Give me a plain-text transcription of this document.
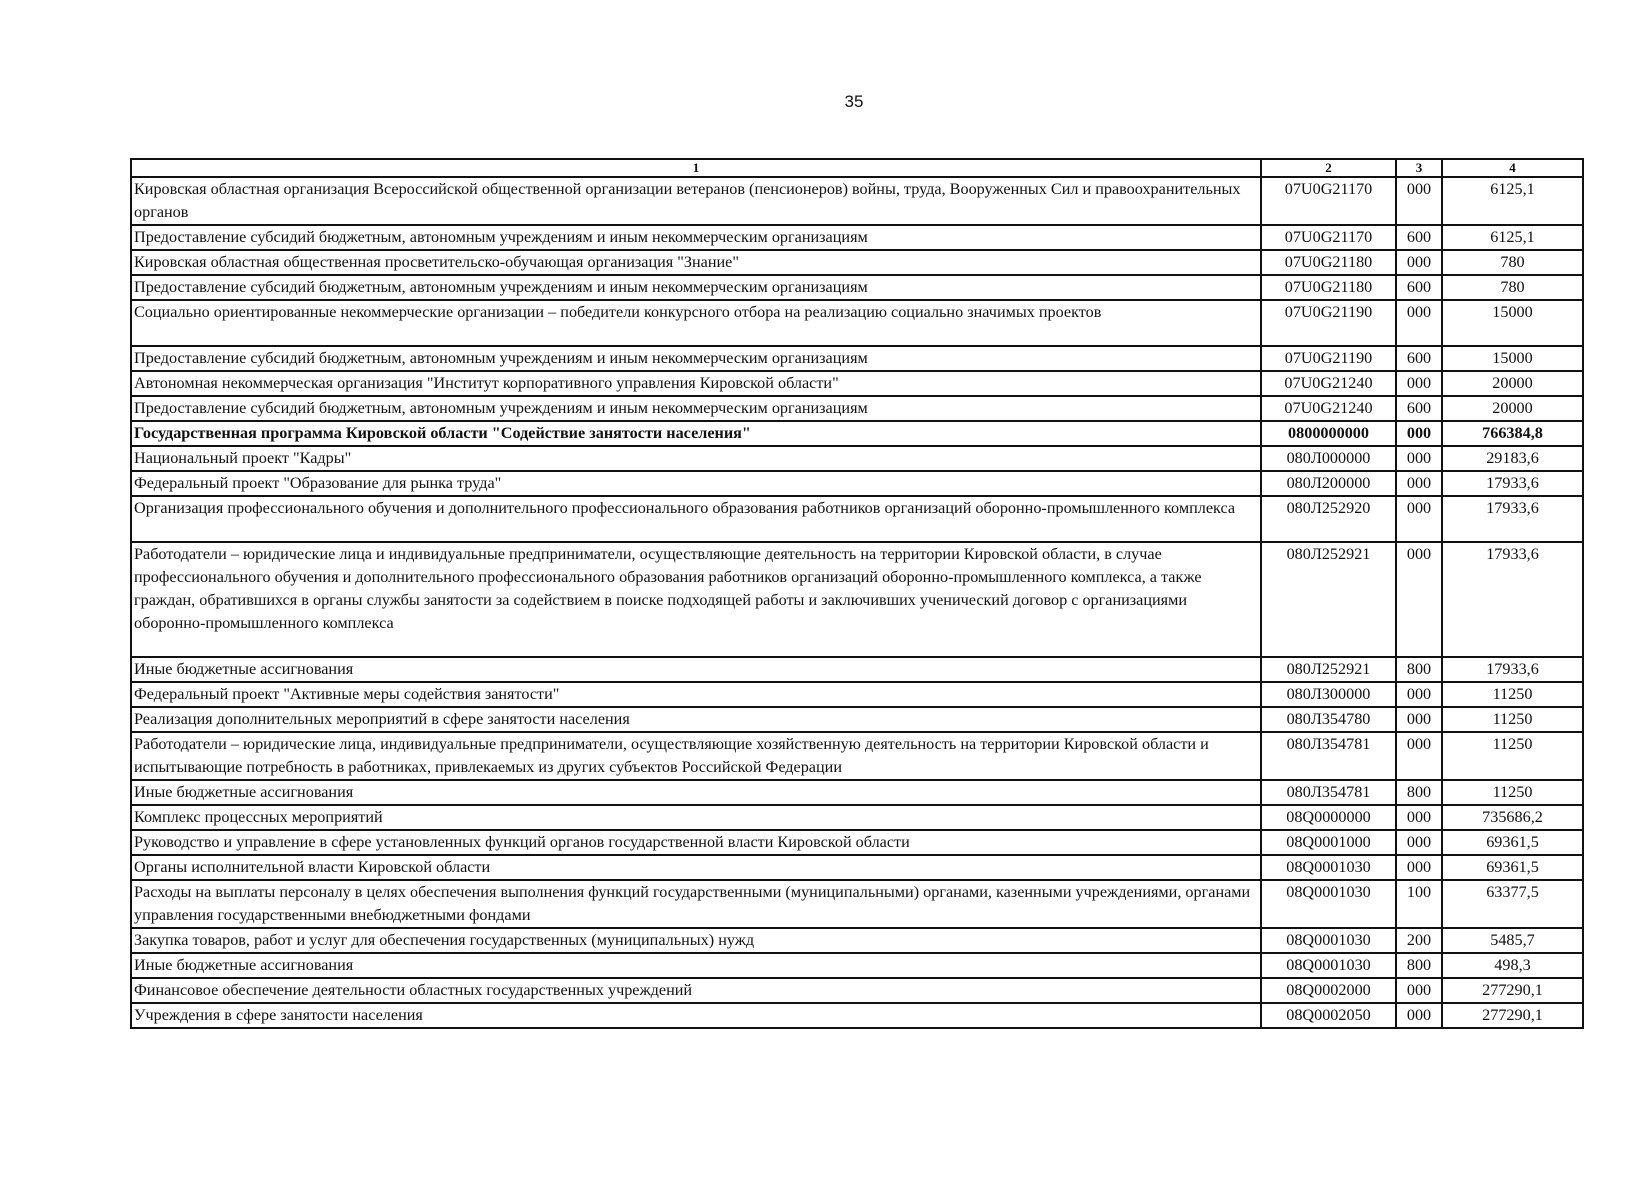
35
1	2	3	4
Кировская областная организация Всероссийской общественной организации ветеранов (пенсионеров) войны, труда, Вооруженных Сил и правоохранительных органов	07U0G21170	000	6125,1
Предоставление субсидий бюджетным, автономным учреждениям и иным некоммерческим организациям	07U0G21170	600	6125,1
Кировская областная общественная просветительско-обучающая организация "Знание"	07U0G21180	000	780
Предоставление субсидий бюджетным, автономным учреждениям и иным некоммерческим организациям	07U0G21180	600	780
Социально ориентированные некоммерческие организации – победители конкурсного отбора на реализацию социально значимых проектов	07U0G21190	000	15000
Предоставление субсидий бюджетным, автономным учреждениям и иным некоммерческим организациям	07U0G21190	600	15000
Автономная некоммерческая организация "Институт корпоративного управления Кировской области"	07U0G21240	000	20000
Предоставление субсидий бюджетным, автономным учреждениям и иным некоммерческим организациям	07U0G21240	600	20000
Государственная программа Кировской области "Содействие занятости населения"	0800000000	000	766384,8
Национальный проект "Кадры"	080Л000000	000	29183,6
Федеральный проект "Образование для рынка труда"	080Л200000	000	17933,6
Организация профессионального обучения и дополнительного профессионального образования работников организаций оборонно-промышленного комплекса	080Л252920	000	17933,6
Работодатели – юридические лица и индивидуальные предприниматели, осуществляющие деятельность на территории Кировской области, в случае профессионального обучения и дополнительного профессионального образования работников организаций оборонно-промышленного комплекса, а также граждан, обратившихся в органы службы занятости за содействием в поиске подходящей работы и заключивших ученический договор с организациями оборонно-промышленного комплекса	080Л252921	000	17933,6
Иные бюджетные ассигнования	080Л252921	800	17933,6
Федеральный проект "Активные меры содействия занятости"	080Л300000	000	11250
Реализация дополнительных мероприятий в сфере занятости населения	080Л354780	000	11250
Работодатели – юридические лица, индивидуальные предприниматели, осуществляющие хозяйственную деятельность на территории Кировской области и испытывающие потребность в работниках, привлекаемых из других субъектов Российской Федерации	080Л354781	000	11250
Иные бюджетные ассигнования	080Л354781	800	11250
Комплекс процессных мероприятий	08Q0000000	000	735686,2
Руководство и управление в сфере установленных функций органов государственной власти Кировской области	08Q0001000	000	69361,5
Органы исполнительной власти Кировской области	08Q0001030	000	69361,5
Расходы на выплаты персоналу в целях обеспечения выполнения функций государственными (муниципальными) органами, казенными учреждениями, органами управления государственными внебюджетными фондами	08Q0001030	100	63377,5
Закупка товаров, работ и услуг для обеспечения государственных (муниципальных) нужд	08Q0001030	200	5485,7
Иные бюджетные ассигнования	08Q0001030	800	498,3
Финансовое обеспечение деятельности областных государственных учреждений	08Q0002000	000	277290,1
Учреждения в сфере занятости населения	08Q0002050	000	277290,1
